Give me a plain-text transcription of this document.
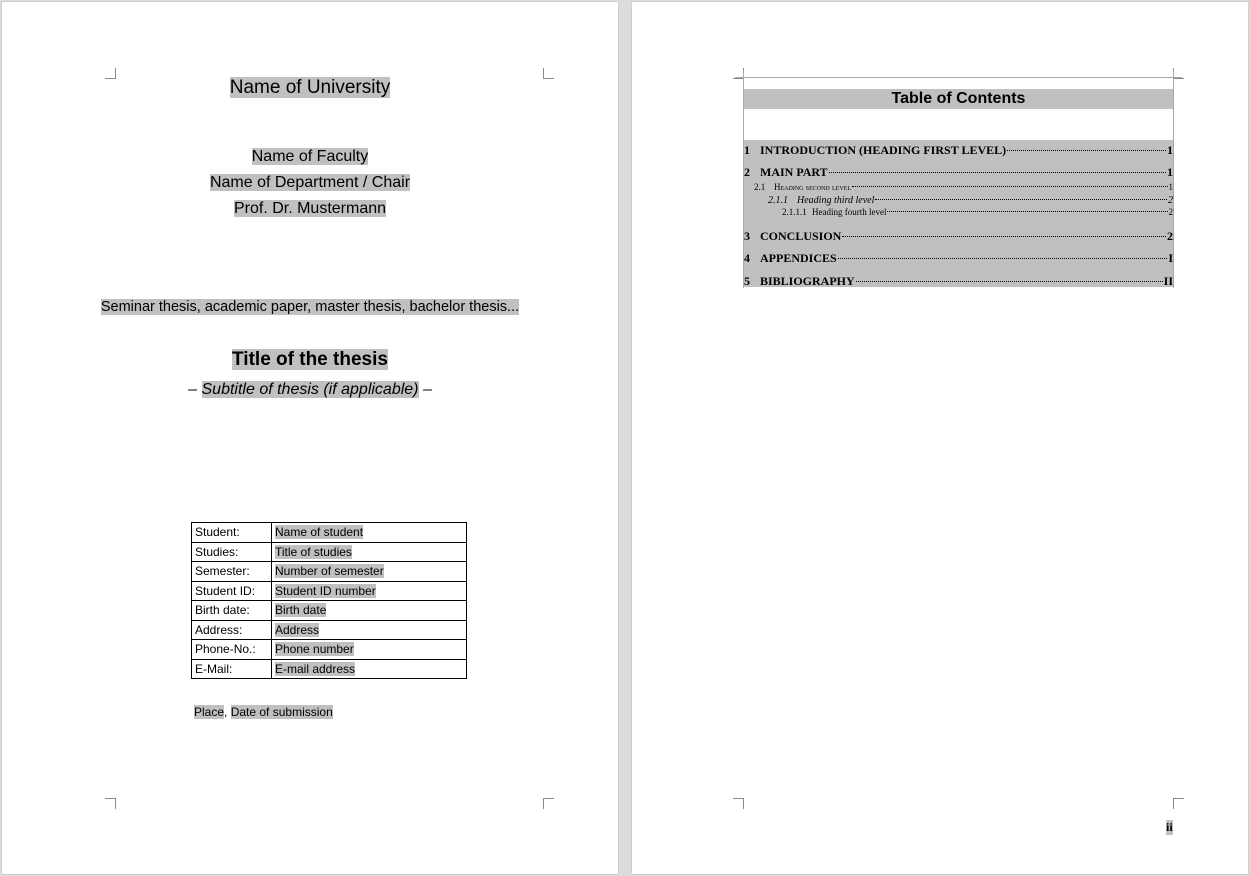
Name of University
Name of Faculty
Name of Department / Chair
Prof. Dr. Mustermann
Seminar thesis, academic paper, master thesis, bachelor thesis...
Title of the thesis
– Subtitle of thesis (if applicable) –
Student:	Name of student
Studies:	Title of studies
Semester:	Number of semester
Student ID:	Student ID number
Birth date:	Birth date
Address:	Address
Phone-No.:	Phone number
E-Mail:	E-mail address
Place, Date of submission
Table of Contents
1 INTRODUCTION (HEADING FIRST LEVEL)	1
2 MAIN PART	1
2.1 Heading second level	1
2.1.1 Heading third level	2
2.1.1.1 Heading fourth level	2
3 CONCLUSION	2
4 APPENDICES	I
5 BIBLIOGRAPHY	II
ii
